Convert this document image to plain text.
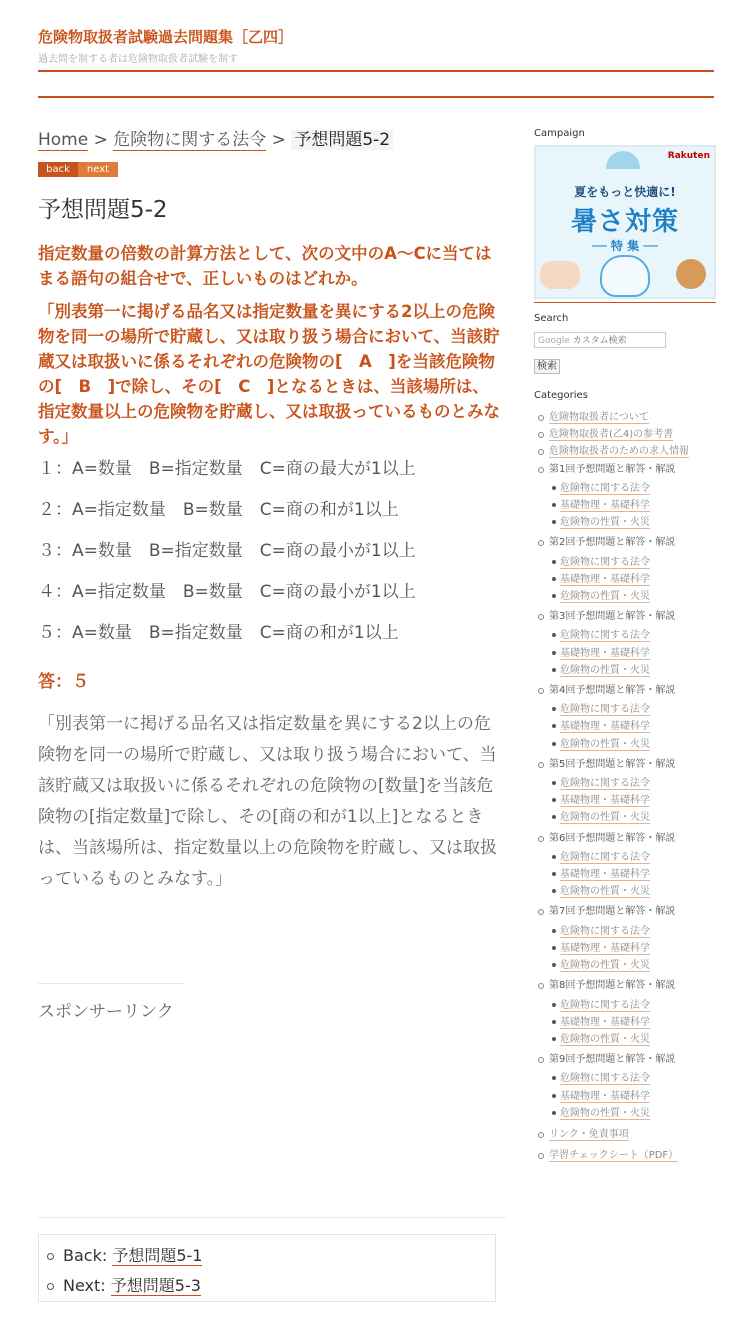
危険物取扱者試験過去問題集［乙四］
過去問を制する者は危険物取扱者試験を制す
Home > 危険物に関する法令 > 予想問題5-2
back	next
予想問題5-2

指定数量の倍数の計算方法として、次の文中のA～Cに当てはまる語句の組合せで、正しいものはどれか。

「別表第一に掲げる品名又は指定数量を異にする2以上の危険物を同一の場所で貯蔵し、又は取り扱う場合において、当該貯蔵又は取扱いに係るそれぞれの危険物の[　A　]を当該危険物の[　B　]で除し、その[　C　]となるときは、当該場所は、指定数量以上の危険物を貯蔵し、又は取扱っているものとみなす。」

１：A=数量　B=指定数量　C=商の最大が1以上

２：A=指定数量　B=数量　C=商の和が1以上

３：A=数量　B=指定数量　C=商の最小が1以上

４：A=指定数量　B=数量　C=商の最小が1以上

５：A=数量　B=指定数量　C=商の和が1以上

答：５

「別表第一に掲げる品名又は指定数量を異にする2以上の危険物を同一の場所で貯蔵し、又は取り扱う場合において、当該貯蔵又は取扱いに係るそれぞれの危険物の[数量]を当該危険物の[指定数量]で除し、その[商の和が1以上]となるときは、当該場所は、指定数量以上の危険物を貯蔵し、又は取扱っているものとみなす。」

スポンサーリンク
Back: 予想問題5-1
Next: 予想問題5-3
Campaign
Rakuten
夏をもっと快適に!
暑さ対策
── 特 集 ──
Search
Google カスタム検索
検索
Categories
危険物取扱者について
危険物取扱者(乙4)の参考書
危険物取扱者のための求人情報
第1回予想問題と解答・解説
危険物に関する法令
基礎物理・基礎科学
危険物の性質・火災
第2回予想問題と解答・解説
危険物に関する法令
基礎物理・基礎科学
危険物の性質・火災
第3回予想問題と解答・解説
危険物に関する法令
基礎物理・基礎科学
危険物の性質・火災
第4回予想問題と解答・解説
危険物に関する法令
基礎物理・基礎科学
危険物の性質・火災
第5回予想問題と解答・解説
危険物に関する法令
基礎物理・基礎科学
危険物の性質・火災
第6回予想問題と解答・解説
危険物に関する法令
基礎物理・基礎科学
危険物の性質・火災
第7回予想問題と解答・解説
危険物に関する法令
基礎物理・基礎科学
危険物の性質・火災
第8回予想問題と解答・解説
危険物に関する法令
基礎物理・基礎科学
危険物の性質・火災
第9回予想問題と解答・解説
危険物に関する法令
基礎物理・基礎科学
危険物の性質・火災
リンク・免責事項
学習チェックシート（PDF）
